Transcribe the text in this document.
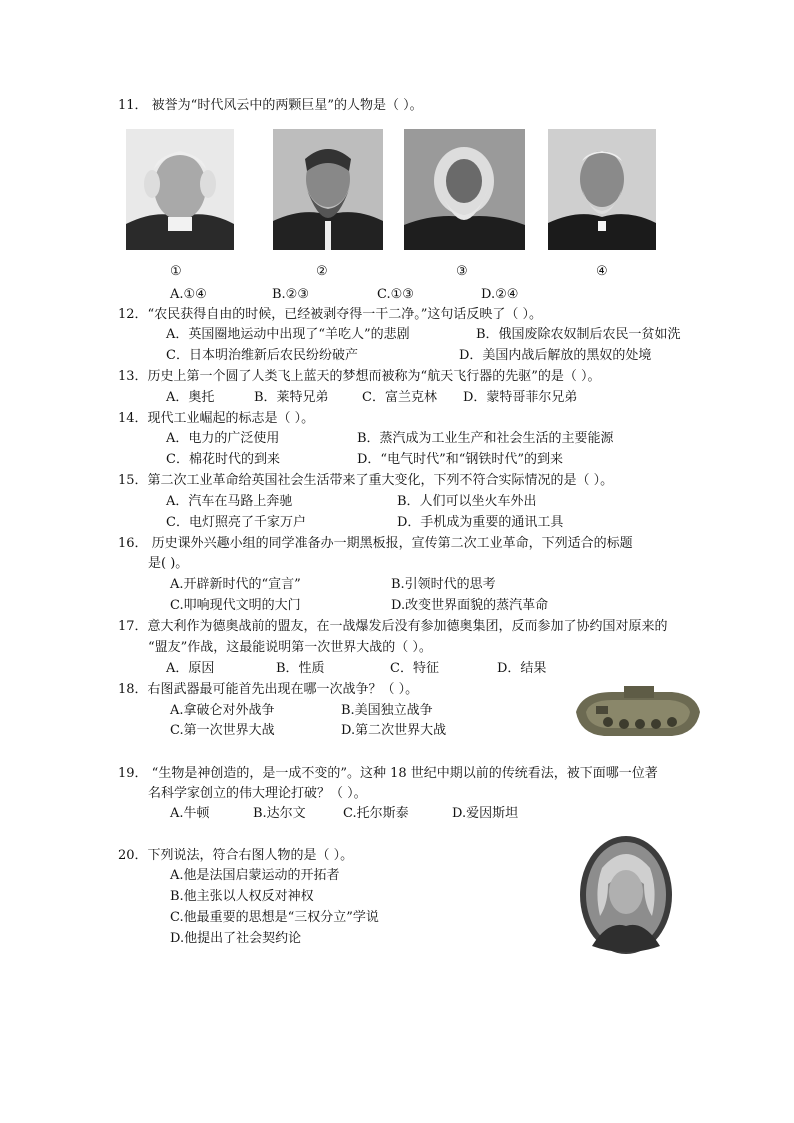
11． 被誉为“时代风云中的两颗巨星”的人物是（ ）。
①	②	③	④
A.①④	B.②③	C.①③	D.②④
12．“农民获得自由的时候，已经被剥夺得一干二净。”这句话反映了（ ）。
A．英国圈地运动中出现了“羊吃人”的悲剧	B．俄国废除农奴制后农民一贫如洗
C．日本明治维新后农民纷纷破产	D．美国内战后解放的黑奴的处境
13．历史上第一个圆了人类飞上蓝天的梦想而被称为“航天飞行器的先驱”的是（ ）。
A．奥托	B．莱特兄弟	C．富兰克林 D．蒙特哥菲尔兄弟
14．现代工业崛起的标志是（ ）。
A．电力的广泛使用	B．蒸汽成为工业生产和社会生活的主要能源
C．棉花时代的到来	D．“电气时代”和“钢铁时代”的到来
15．第二次工业革命给英国社会生活带来了重大变化，下列不符合实际情况的是（ ）。
A．汽车在马路上奔驰	B．人们可以坐火车外出
C．电灯照亮了千家万户	D．手机成为重要的通讯工具
16． 历史课外兴趣小组的同学准备办一期黑板报，宣传第二次工业革命，下列适合的标题
是( )。
A.开辟新时代的“宣言”	B.引领时代的思考
C.叩响现代文明的大门	D.改变世界面貌的蒸汽革命
17．意大利作为德奥战前的盟友，在一战爆发后没有参加德奥集团，反而参加了协约国对原来的
“盟友”作战，这最能说明第一次世界大战的（ ）。
A．原因	B．性质	C．特征	D．结果
18．右图武器最可能首先出现在哪一次战争？（ ）。
A.拿破仑对外战争	B.美国独立战争
C.第一次世界大战	D.第二次世界大战
19． “生物是神创造的，是一成不变的”。这种 18 世纪中期以前的传统看法，被下面哪一位著
名科学家创立的伟大理论打破？（ ）。
A.牛顿	B.达尔文	C.托尔斯泰	D.爱因斯坦
20．下列说法，符合右图人物的是（ ）。
A.他是法国启蒙运动的开拓者
B.他主张以人权反对神权
C.他最重要的思想是“三权分立”学说
D.他提出了社会契约论
